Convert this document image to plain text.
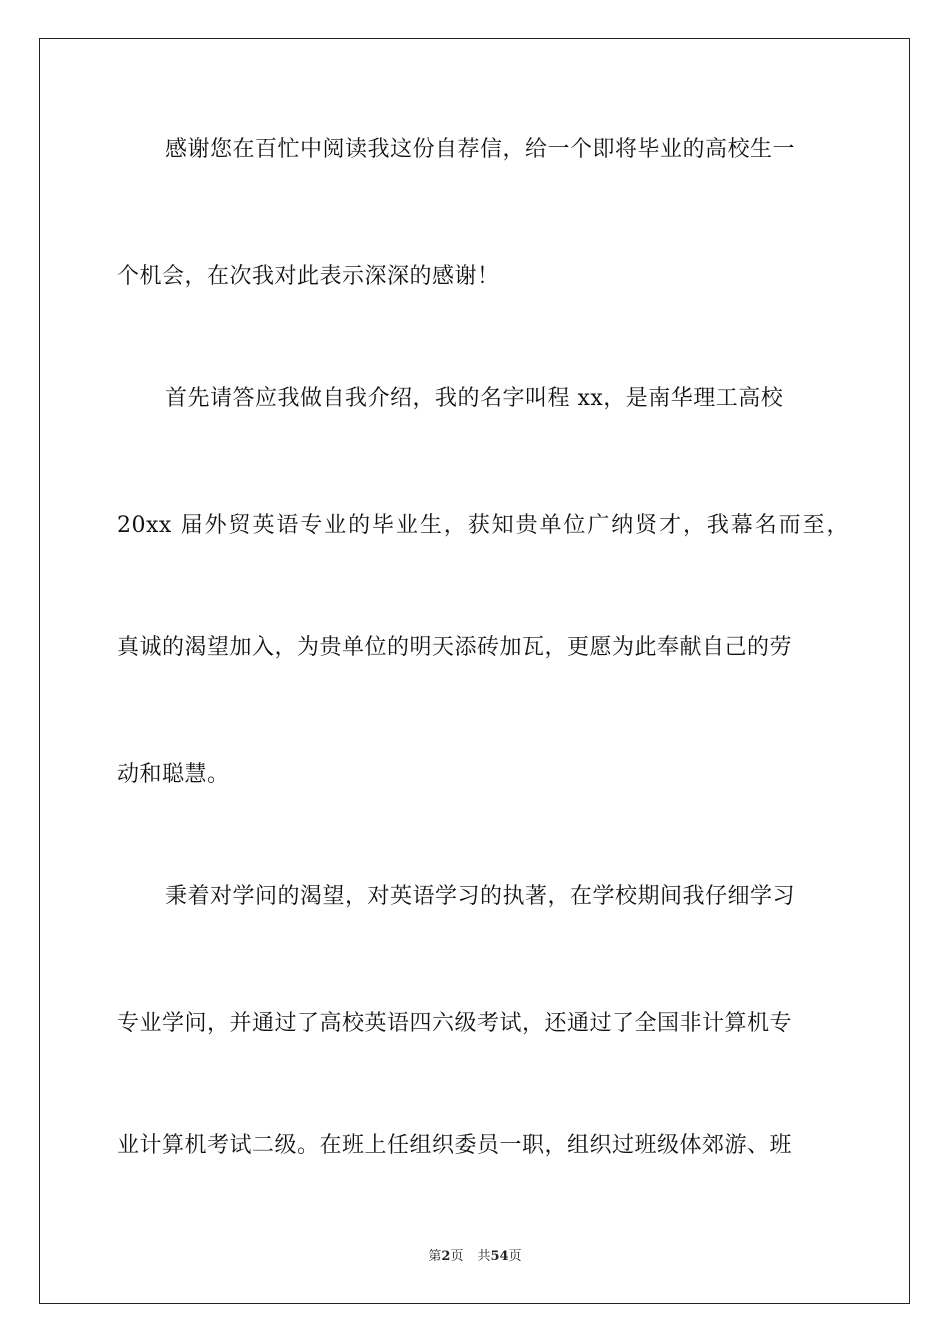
感谢您在百忙中阅读我这份自荐信，给一个即将毕业的高校生一
个机会，在次我对此表示深深的感谢！
首先请答应我做自我介绍，我的名字叫程 xx，是南华理工高校
20xx 届外贸英语专业的毕业生，获知贵单位广纳贤才，我幕名而至，
真诚的渴望加入，为贵单位的明天添砖加瓦，更愿为此奉献自己的劳
动和聪慧。
秉着对学问的渴望，对英语学习的执著，在学校期间我仔细学习
专业学问，并通过了高校英语四六级考试，还通过了全国非计算机专
业计算机考试二级。在班上任组织委员一职，组织过班级体郊游、班
第2页 共54页
